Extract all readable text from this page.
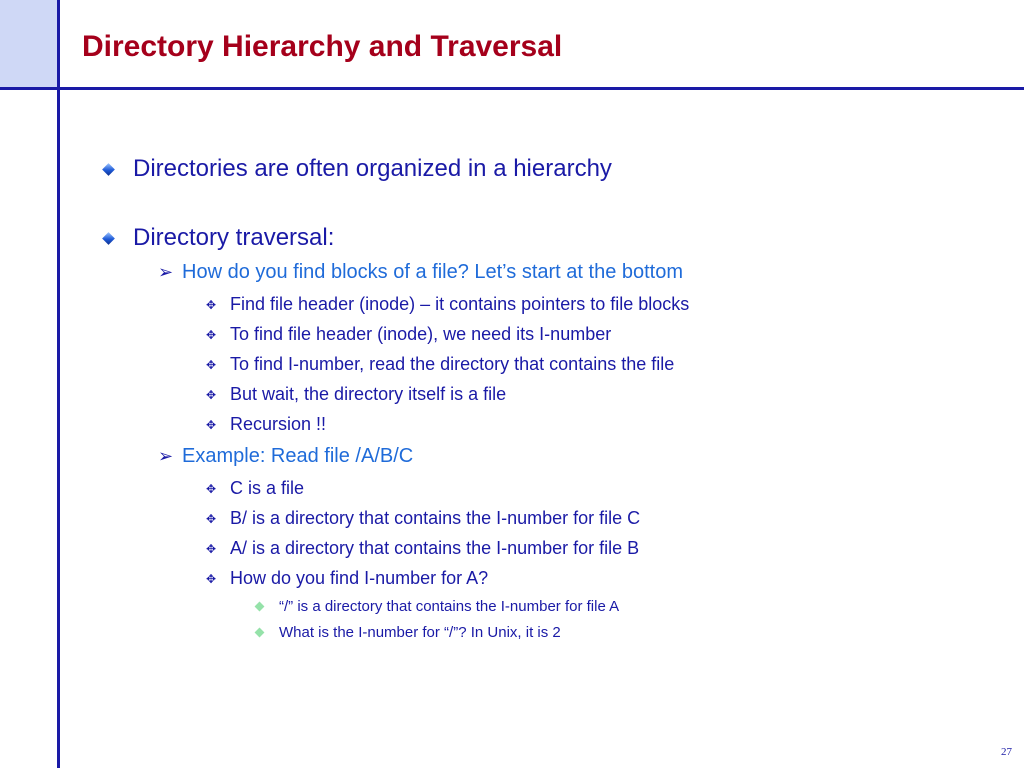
Directory Hierarchy and Traversal
Directories are often organized in a hierarchy
Directory traversal:
➢ How do you find blocks of a file? Let’s start at the bottom
✥ Find file header (inode) – it contains pointers to file blocks
✥ To find file header (inode), we need its I-number
✥ To find I-number, read the directory that contains the file
✥ But wait, the directory itself is a file
✥ Recursion !!
➢ Example: Read file /A/B/C
✥ C is a file
✥ B/ is a directory that contains the I-number for file C
✥ A/ is a directory that contains the I-number for file B
✥ How do you find I-number for A?
“/” is a directory that contains the I-number for file A
What is the I-number for “/”? In Unix, it is 2
27
